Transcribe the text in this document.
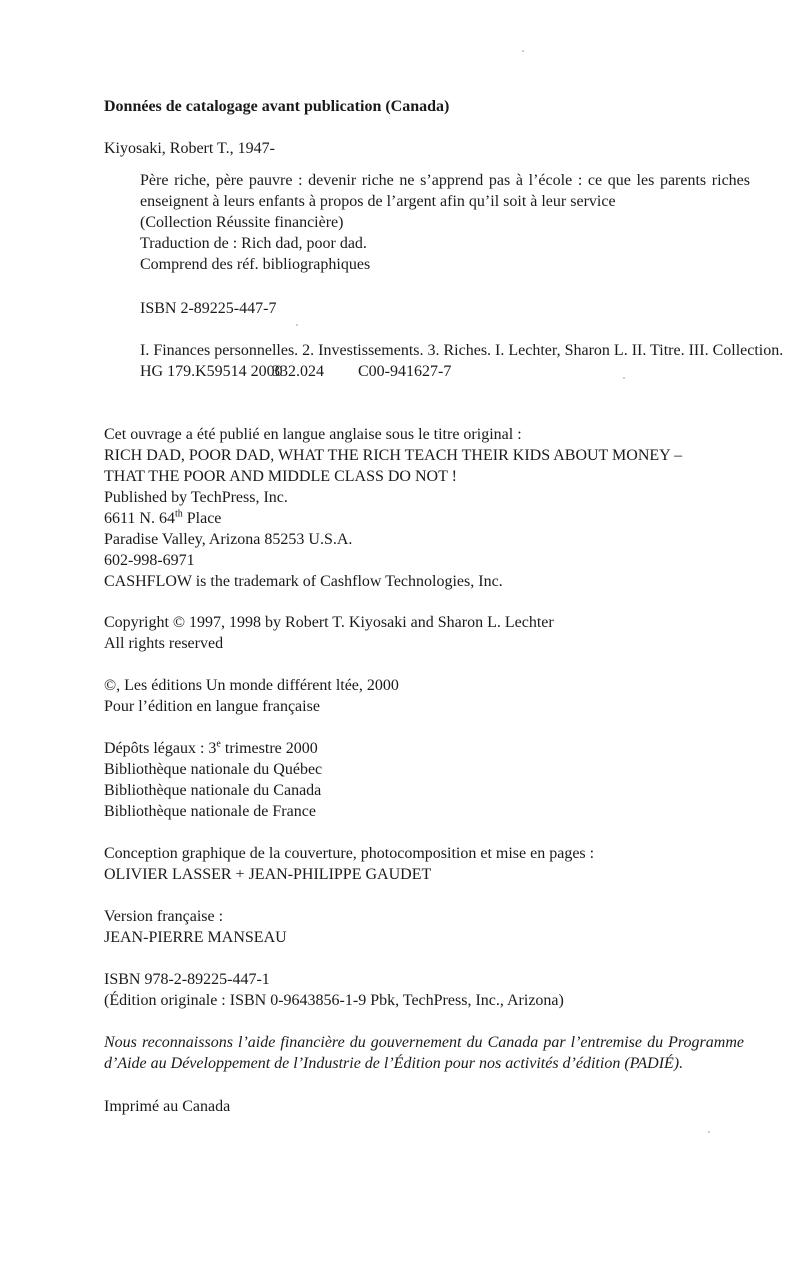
Données de catalogage avant publication (Canada)
Kiyosaki, Robert T., 1947-
Père riche, père pauvre : devenir riche ne s’apprend pas à l’école : ce que les parents riches enseignent à leurs enfants à propos de l’argent afin qu’il soit à leur service
(Collection Réussite financière)
Traduction de : Rich dad, poor dad.
Comprend des réf. bibliographiques
ISBN 2-89225-447-7
I. Finances personnelles. 2. Investissements. 3. Riches. I. Lechter, Sharon L. II. Titre. III. Collection.
HG 179.K59514 2000
332.024	C00-941627-7
Cet ouvrage a été publié en langue anglaise sous le titre original :
RICH DAD, POOR DAD, WHAT THE RICH TEACH THEIR KIDS ABOUT MONEY –
THAT THE POOR AND MIDDLE CLASS DO NOT !
Published by TechPress, Inc.
6611 N. 64th Place
Paradise Valley, Arizona 85253 U.S.A.
602-998-6971
CASHFLOW is the trademark of Cashflow Technologies, Inc.
Copyright © 1997, 1998 by Robert T. Kiyosaki and Sharon L. Lechter
All rights reserved
©, Les éditions Un monde différent ltée, 2000
Pour l’édition en langue française
Dépôts légaux : 3e trimestre 2000
Bibliothèque nationale du Québec
Bibliothèque nationale du Canada
Bibliothèque nationale de France
Conception graphique de la couverture, photocomposition et mise en pages :
OLIVIER LASSER + JEAN-PHILIPPE GAUDET
Version française :
JEAN-PIERRE MANSEAU
ISBN 978-2-89225-447-1
(Édition originale : ISBN 0-9643856-1-9 Pbk, TechPress, Inc., Arizona)
Nous reconnaissons l’aide financière du gouvernement du Canada par l’entremise du Programme d’Aide au Développement de l’Industrie de l’Édition pour nos activités d’édition (PADIÉ).
Imprimé au Canada
